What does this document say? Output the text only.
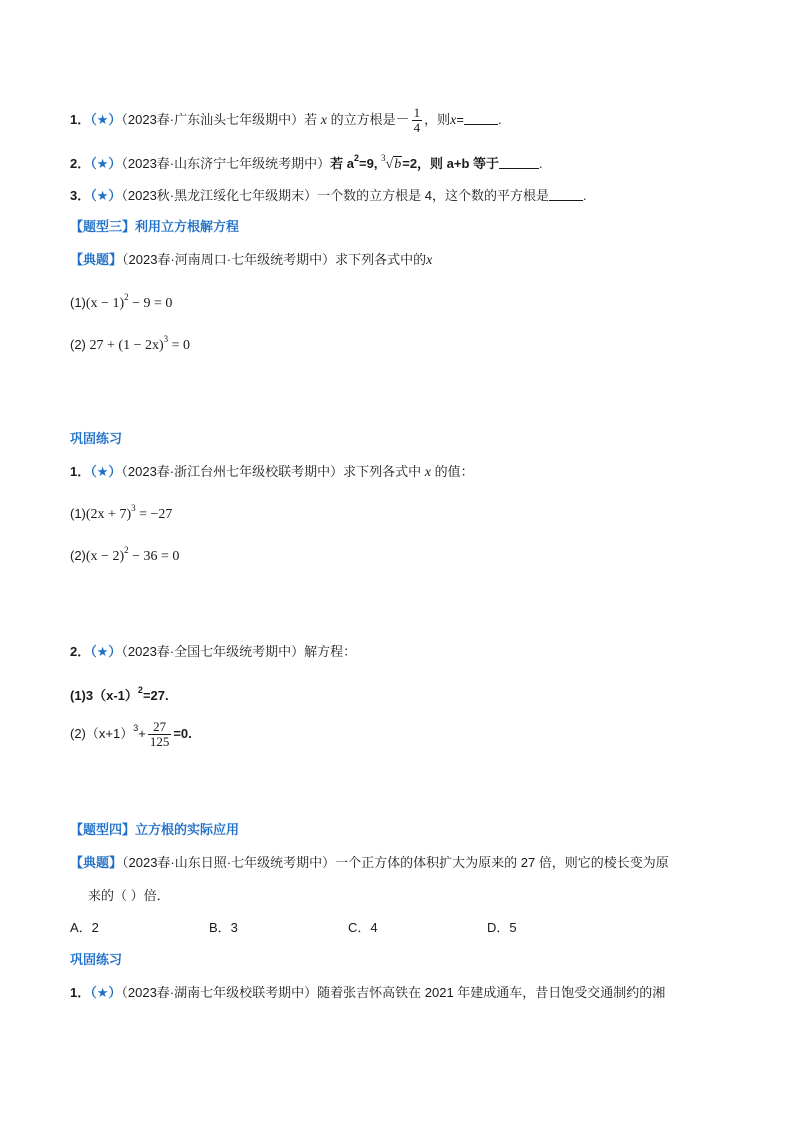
1．（★）（2023春·广东汕头七年级期中）若 x 的立方根是－ $\frac{1}{4}$ ，则x=	.
2．（★）（2023春·山东济宁七年级统考期中）若 $a^2=9$, $^3$√b=2，则 a+b 等于	.
3．（★）（2023秋·黑龙江绥化七年级期末）一个数的立方根是 4，这个数的平方根是	.
【题型三】利用立方根解方程
【典题】（2023春·河南周口·七年级统考期中）求下列各式中的x
$(1)(x - 1)^2 - 9 = 0$
(2) $27 + (1 - 2x)^3 = 0$
巩固练习
1．（★）（2023春·浙江台州七年级校联考期中）求下列各式中 x 的值：
$(1)(2x + 7)^3 = -27$
$(2)(x - 2)^2 - 36 = 0$
2．（★）（2023春·全国七年级统考期中）解方程：
$(1)3(x-1)^2=27$.
$(2)(x+1)^3+ \frac{27}{125} =0$.
【题型四】立方根的实际应用
【典题】（2023春·山东日照·七年级统考期中）一个正方体的体积扩大为原来的 27 倍，则它的棱长变为原
来的（ ）倍．
A．2	B．3	C．4	D．5
巩固练习
1．（★）（2023春·湖南七年级校联考期中）随着张吉怀高铁在 2021 年建成通车，昔日饱受交通制约的湘
